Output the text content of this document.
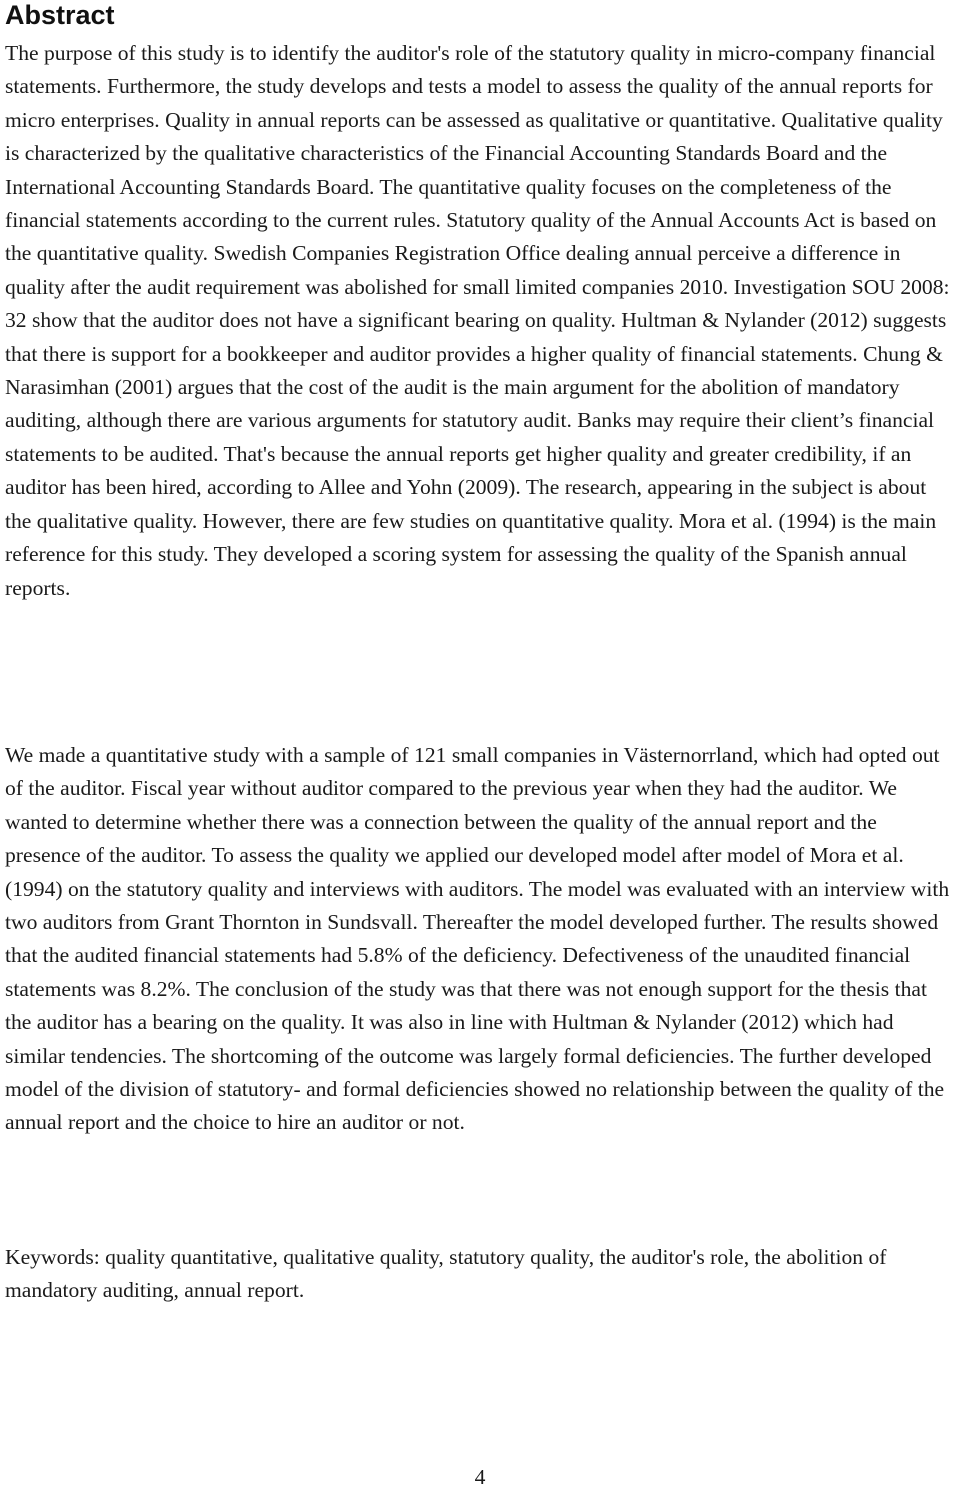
Abstract

The purpose of this study is to identify the auditor's role of the statutory quality in micro-company financial statements. Furthermore, the study develops and tests a model to assess the quality of the annual reports for micro enterprises. Quality in annual reports can be assessed as qualitative or quantitative. Qualitative quality is characterized by the qualitative characteristics of the Financial Accounting Standards Board and the International Accounting Standards Board. The quantitative quality focuses on the completeness of the financial statements according to the current rules. Statutory quality of the Annual Accounts Act is based on the quantitative quality. Swedish Companies Registration Office dealing annual perceive a difference in quality after the audit requirement was abolished for small limited companies 2010. Investigation SOU 2008: 32 show that the auditor does not have a significant bearing on quality. Hultman & Nylander (2012) suggests that there is support for a bookkeeper and auditor provides a higher quality of financial statements. Chung & Narasimhan (2001) argues that the cost of the audit is the main argument for the abolition of mandatory auditing, although there are various arguments for statutory audit. Banks may require their client’s financial statements to be audited. That's because the annual reports get higher quality and greater credibility, if an auditor has been hired, according to Allee and Yohn (2009). The research, appearing in the subject is about the qualitative quality. However, there are few studies on quantitative quality. Mora et al. (1994) is the main reference for this study. They developed a scoring system for assessing the quality of the Spanish annual reports.

We made a quantitative study with a sample of 121 small companies in Västernorrland, which had opted out of the auditor. Fiscal year without auditor compared to the previous year when they had the auditor. We wanted to determine whether there was a connection between the quality of the annual report and the presence of the auditor. To assess the quality we applied our developed model after model of Mora et al. (1994) on the statutory quality and interviews with auditors. The model was evaluated with an interview with two auditors from Grant Thornton in Sundsvall. Thereafter the model developed further. The results showed that the audited financial statements had 5.8% of the deficiency. Defectiveness of the unaudited financial statements was 8.2%. The conclusion of the study was that there was not enough support for the thesis that the auditor has a bearing on the quality. It was also in line with Hultman & Nylander (2012) which had similar tendencies. The shortcoming of the outcome was largely formal deficiencies. The further developed model of the division of statutory- and formal deficiencies showed no relationship between the quality of the annual report and the choice to hire an auditor or not.

Keywords: quality quantitative, qualitative quality, statutory quality, the auditor's role, the abolition of mandatory auditing, annual report.

4
